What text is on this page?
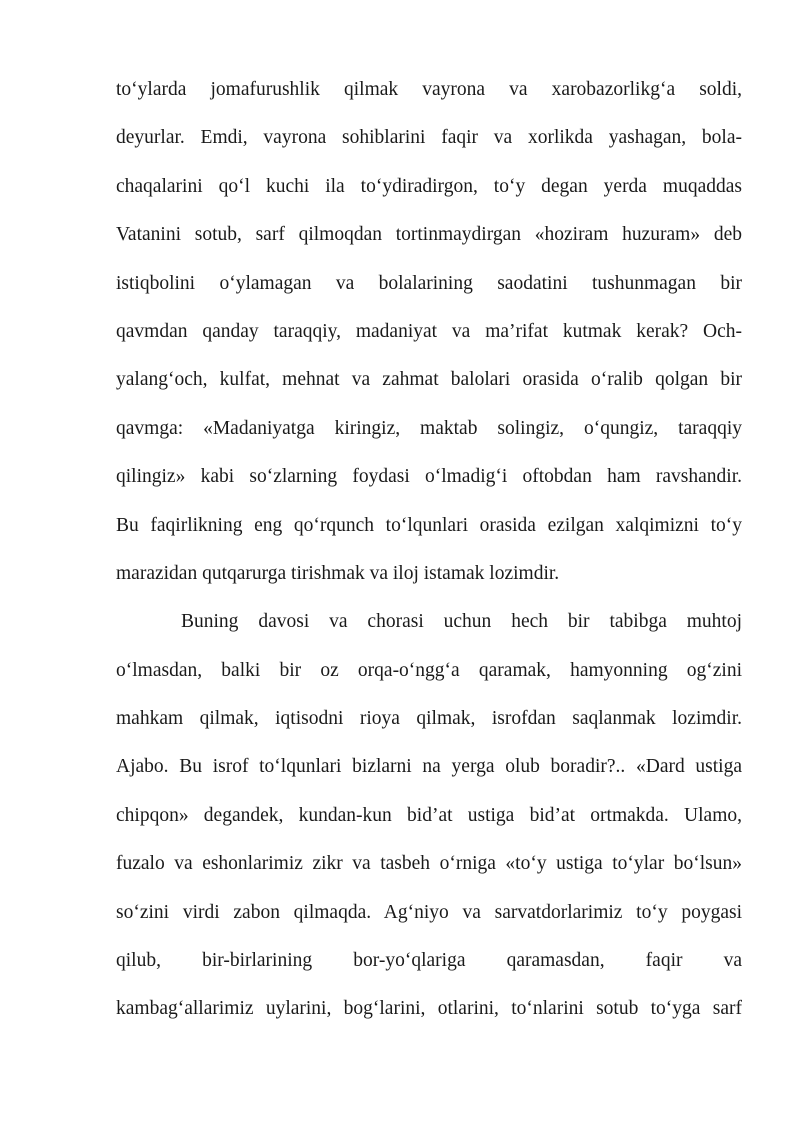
to‘ylarda jomafurushlik qilmak vayrona va xarobazorlikg‘a soldi,
deyurlar. Emdi, vayrona sohiblarini faqir va xorlikda yashagan, bola-
chaqalarini qo‘l kuchi ila to‘ydiradirgon, to‘y degan yerda muqaddas
Vatanini sotub, sarf qilmoqdan tortinmaydirgan «hoziram huzuram» deb
istiqbolini o‘ylamagan va bolalarining saodatini tushunmagan bir
qavmdan qanday taraqqiy, madaniyat va ma’rifat kutmak kerak? Och-
yalang‘och, kulfat, mehnat va zahmat balolari orasida o‘ralib qolgan bir
qavmga: «Madaniyatga kiringiz, maktab solingiz, o‘qungiz, taraqqiy
qilingiz» kabi so‘zlarning foydasi o‘lmadig‘i oftobdan ham ravshandir.
Bu faqirlikning eng qo‘rqunch to‘lqunlari orasida ezilgan xalqimizni to‘y
marazidan qutqarurga tirishmak va iloj istamak lozimdir.
Buning davosi va chorasi uchun hech bir tabibga muhtoj
o‘lmasdan, balki bir oz orqa-o‘ngg‘a qaramak, hamyonning og‘zini
mahkam qilmak, iqtisodni rioya qilmak, isrofdan saqlanmak lozimdir.
Ajabo. Bu isrof to‘lqunlari bizlarni na yerga olub boradir?.. «Dard ustiga
chipqon» degandek, kundan-kun bid’at ustiga bid’at ortmakda. Ulamo,
fuzalo va eshonlarimiz zikr va tasbeh o‘rniga «to‘y ustiga to‘ylar bo‘lsun»
so‘zini virdi zabon qilmaqda. Ag‘niyo va sarvatdorlarimiz to‘y poygasi
qilub, bir-birlarining bor-yo‘qlariga qaramasdan, faqir va
kambag‘allarimiz uylarini, bog‘larini, otlarini, to‘nlarini sotub to‘yga sarf
